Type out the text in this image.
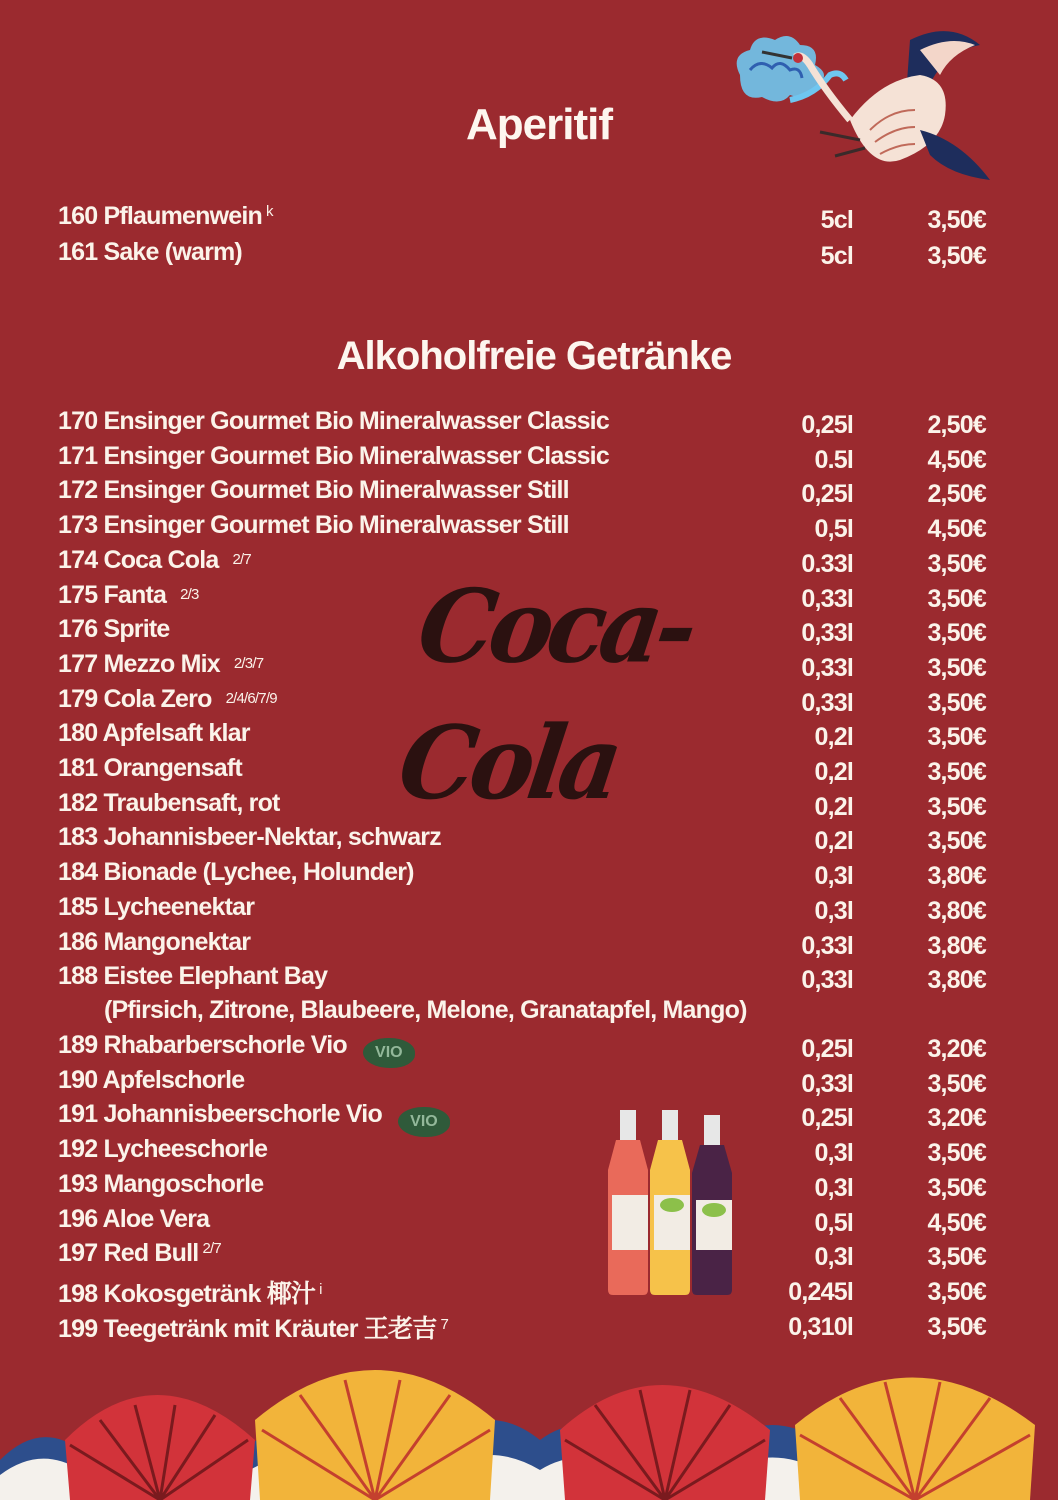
Aperitif
160 Pflaumenwein $^k$	5cl	3,50€
161 Sake (warm)	5cl	3,50€
Alkoholfreie Getränke
Coca-Cola
170 Ensinger Gourmet Bio Mineralwasser Classic	0,25l	2,50€
171 Ensinger Gourmet Bio Mineralwasser Classic	0.5l	4,50€
172 Ensinger Gourmet Bio Mineralwasser Still	0,25l	2,50€
173 Ensinger Gourmet Bio Mineralwasser Still	0,5l	4,50€
174 Coca Cola 2/7	0.33l	3,50€
175 Fanta 2/3	0,33l	3,50€
176 Sprite	0,33l	3,50€
177 Mezzo Mix 2/3/7	0,33l	3,50€
179 Cola Zero 2/4/6/7/9	0,33l	3,50€
180 Apfelsaft klar	0,2l	3,50€
181 Orangensaft	0,2l	3,50€
182 Traubensaft, rot	0,2l	3,50€
183 Johannisbeer-Nektar, schwarz	0,2l	3,50€
184 Bionade (Lychee, Holunder)	0,3l	3,80€
185 Lycheenektar	0,3l	3,80€
186 Mangonektar	0,33l	3,80€
188 Eistee Elephant Bay	0,33l	3,80€
(Pfirsich, Zitrone, Blaubeere, Melone, Granatapfel, Mango)
189 Rhabarberschorle Vio VIO	0,25l	3,20€
190 Apfelschorle	0,33l	3,50€
191 Johannisbeerschorle Vio VIO	0,25l	3,20€
192 Lycheeschorle	0,3l	3,50€
193 Mangoschorle	0,3l	3,50€
196 Aloe Vera	0,5l	4,50€
197 Red Bull $^{2/7}$	0,3l	3,50€
198 Kokosgetränk 椰汁 $^i$	0,245l	3,50€
199 Teegetränk mit Kräuter 王老吉 $^7$	0,310l	3,50€
